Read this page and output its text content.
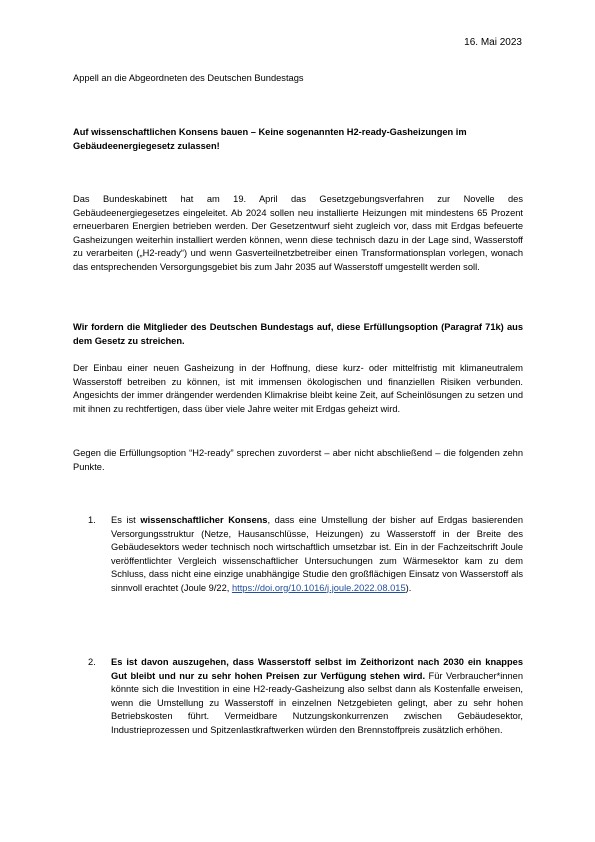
16. Mai 2023
Appell an die Abgeordneten des Deutschen Bundestags
Auf wissenschaftlichen Konsens bauen – Keine sogenannten H2-ready-Gasheizungen im Gebäudeenergiegesetz zulassen!

Das Bundeskabinett hat am 19. April das Gesetzgebungsverfahren zur Novelle des Gebäudeenergiegesetzes eingeleitet. Ab 2024 sollen neu installierte Heizungen mit mindestens 65 Prozent erneuerbaren Energien betrieben werden. Der Gesetzentwurf sieht zugleich vor, dass mit Erdgas befeuerte Gasheizungen weiterhin installiert werden können, wenn diese technisch dazu in der Lage sind, Wasserstoff zu verarbeiten („H2-ready“) und wenn Gasverteilnetzbetreiber einen Transformationsplan vorlegen, wonach das entsprechenden Versorgungsgebiet bis zum Jahr 2035 auf Wasserstoff umgestellt werden soll.

Wir fordern die Mitglieder des Deutschen Bundestags auf, diese Erfüllungsoption (Paragraf 71k) aus dem Gesetz zu streichen.

Der Einbau einer neuen Gasheizung in der Hoffnung, diese kurz- oder mittelfristig mit klimaneutralem Wasserstoff betreiben zu können, ist mit immensen ökologischen und finanziellen Risiken verbunden. Angesichts der immer drängender werdenden Klimakrise bleibt keine Zeit, auf Scheinlösungen zu setzen und mit ihnen zu rechtfertigen, dass über viele Jahre weiter mit Erdgas geheizt wird.

Gegen die Erfüllungsoption “H2-ready” sprechen zuvorderst – aber nicht abschließend – die folgenden zehn Punkte.

1. Es ist wissenschaftlicher Konsens, dass eine Umstellung der bisher auf Erdgas basierenden Versorgungsstruktur (Netze, Hausanschlüsse, Heizungen) zu Wasserstoff in der Breite des Gebäudesektors weder technisch noch wirtschaftlich umsetzbar ist. Ein in der Fachzeitschrift Joule veröffentlichter Vergleich wissenschaftlicher Untersuchungen zum Wärmesektor kam zu dem Schluss, dass nicht eine einzige unabhängige Studie den großflächigen Einsatz von Wasserstoff als sinnvoll erachtet (Joule 9/22, https://doi.org/10.1016/j.joule.2022.08.015).
2. Es ist davon auszugehen, dass Wasserstoff selbst im Zeithorizont nach 2030 ein knappes Gut bleibt und nur zu sehr hohen Preisen zur Verfügung stehen wird. Für Verbraucher*innen könnte sich die Investition in eine H2-ready-Gasheizung also selbst dann als Kostenfalle erweisen, wenn die Umstellung zu Wasserstoff in einzelnen Netzgebieten gelingt, aber zu sehr hohen Betriebskosten führt. Vermeidbare Nutzungskonkurrenzen zwischen Gebäudesektor, Industrieprozessen und Spitzenlastkraftwerken würden den Brennstoffpreis zusätzlich erhöhen.
